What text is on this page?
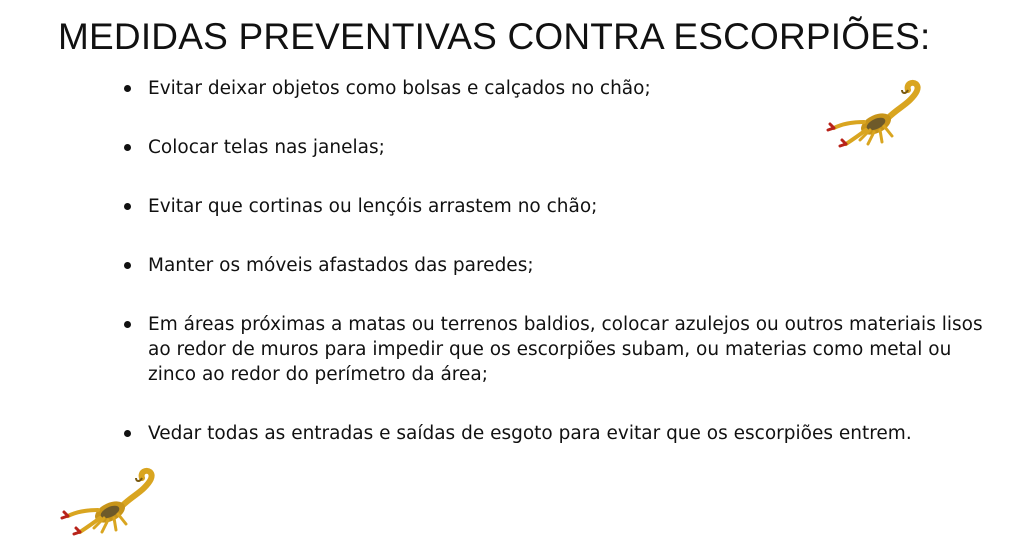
MEDIDAS PREVENTIVAS CONTRA ESCORPIÕES:
Evitar deixar objetos como bolsas e calçados no chão;
Colocar telas nas janelas;
Evitar que cortinas ou lençóis arrastem no chão;
Manter os móveis afastados das paredes;
Em áreas próximas a matas ou terrenos baldios, colocar azulejos ou outros materiais lisos ao redor de muros para impedir que os escorpiões subam, ou materias como metal ou zinco ao redor do perímetro da área;
Vedar todas as entradas e saídas de esgoto para evitar que os escorpiões entrem.
